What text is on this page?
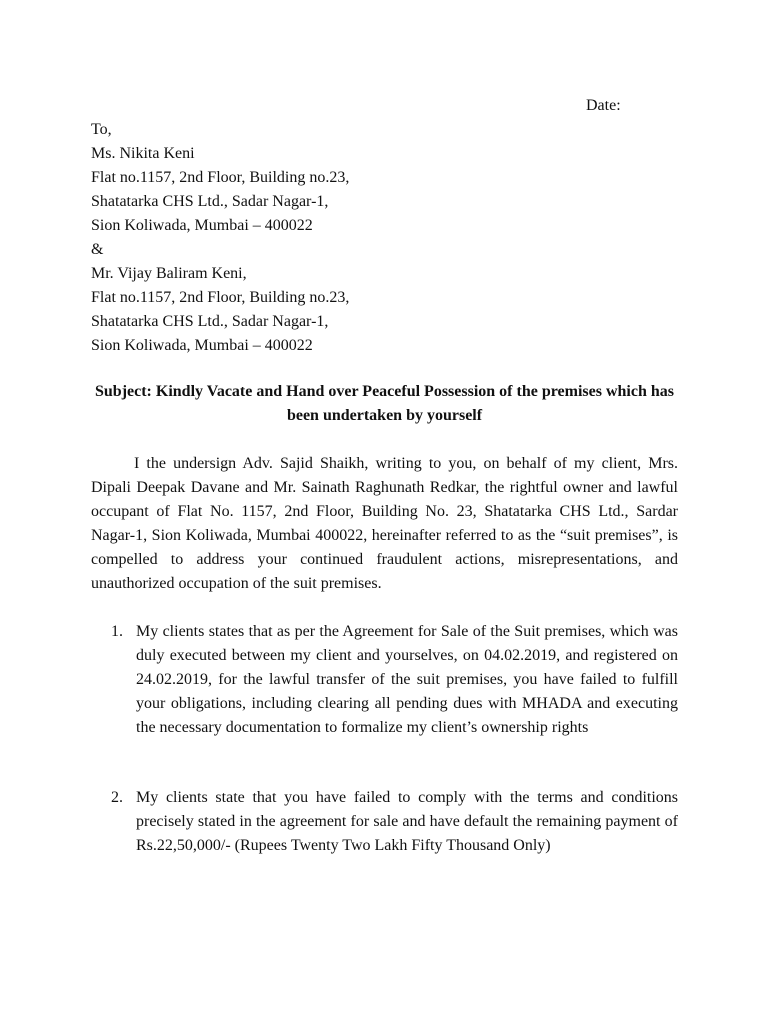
Date:
To,
Ms. Nikita Keni
Flat no.1157, 2nd Floor, Building no.23,
Shatatarka CHS Ltd., Sadar Nagar-1,
Sion Koliwada, Mumbai – 400022
&
Mr. Vijay Baliram Keni,
Flat no.1157, 2nd Floor, Building no.23,
Shatatarka CHS Ltd., Sadar Nagar-1,
Sion Koliwada, Mumbai – 400022
Subject: Kindly Vacate and Hand over Peaceful Possession of the premises which has been undertaken by yourself

I the undersign Adv. Sajid Shaikh, writing to you, on behalf of my client, Mrs. Dipali Deepak Davane and Mr. Sainath Raghunath Redkar, the rightful owner and lawful occupant of Flat No. 1157, 2nd Floor, Building No. 23, Shatatarka CHS Ltd., Sardar Nagar-1, Sion Koliwada, Mumbai 400022, hereinafter referred to as the “suit premises”, is compelled to address your continued fraudulent actions, misrepresentations, and unauthorized occupation of the suit premises.

1. My clients states that as per the Agreement for Sale of the Suit premises, which was duly executed between my client and yourselves, on 04.02.2019, and registered on 24.02.2019, for the lawful transfer of the suit premises, you have failed to fulfill your obligations, including clearing all pending dues with MHADA and executing the necessary documentation to formalize my client’s ownership rights
2. My clients state that you have failed to comply with the terms and conditions precisely stated in the agreement for sale and have default the remaining payment of Rs.22,50,000/- (Rupees Twenty Two Lakh Fifty Thousand Only)
